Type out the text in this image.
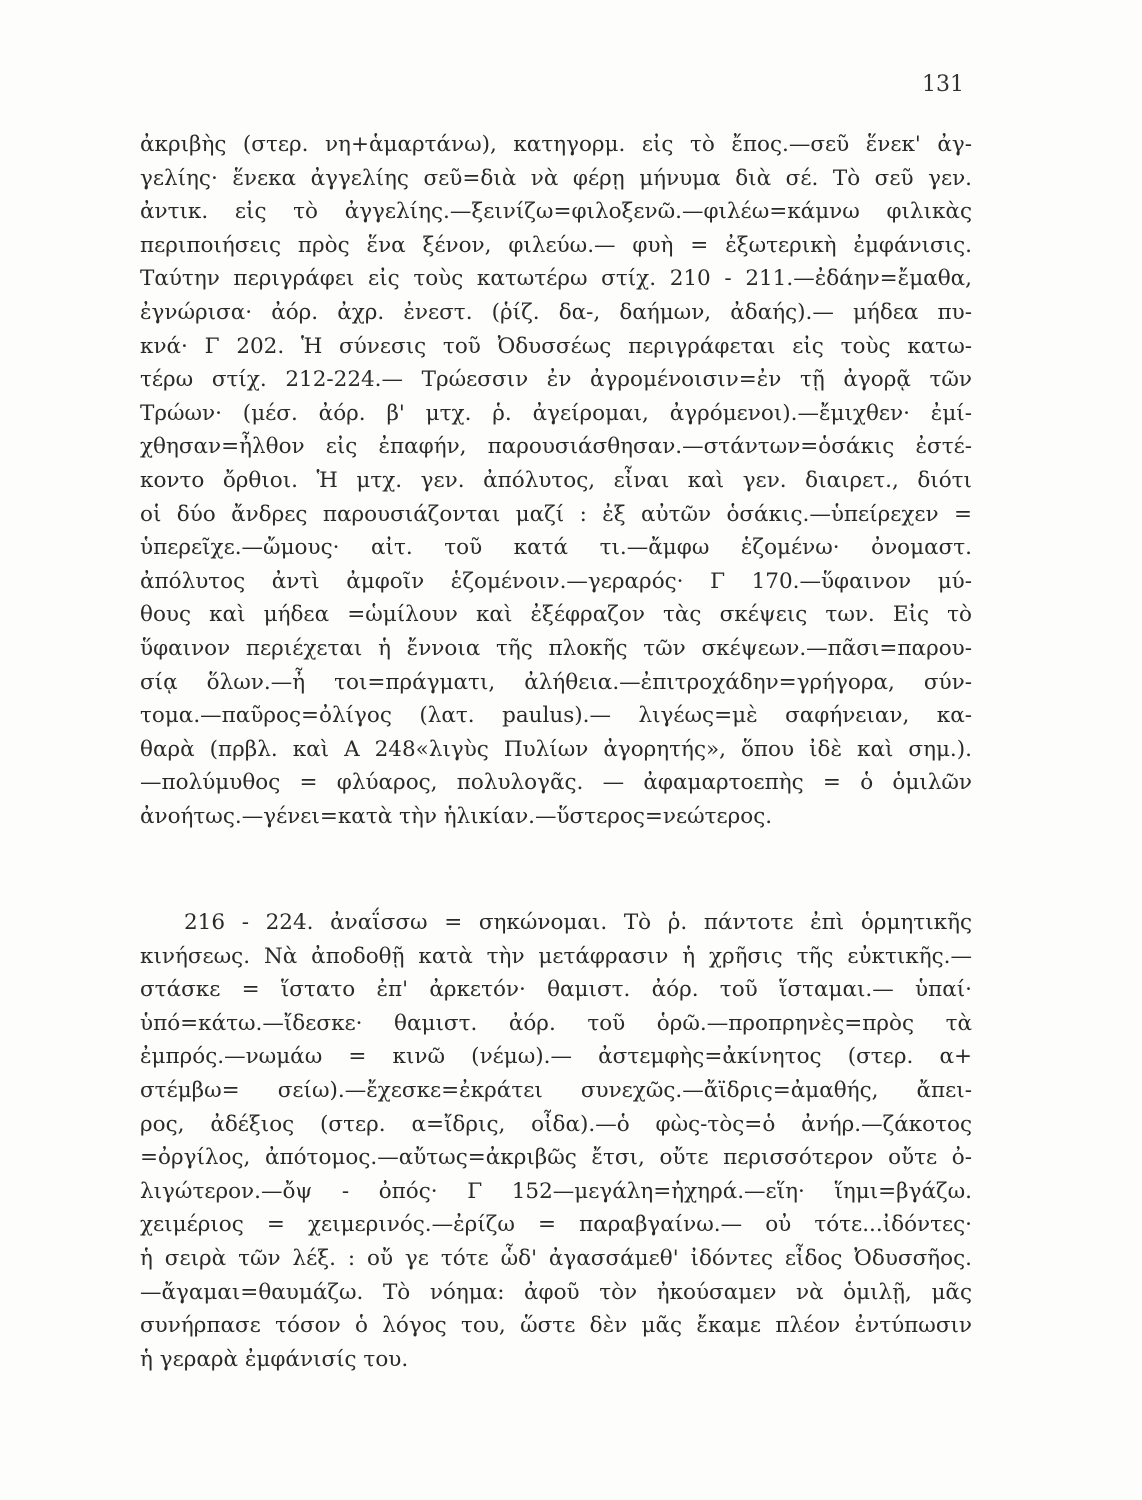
131
ἀκριβὴς (στερ. νη+ἁμαρτάνω), κατηγορμ. εἰς τὸ ἔπος.—σεῦ ἕνεκ' ἀγ-
γελίης· ἕνεκα ἀγγελίης σεῦ=διὰ νὰ φέρῃ μήνυμα διὰ σέ. Τὸ σεῦ γεν.
ἀντικ. εἰς τὸ ἀγγελίης.—ξεινίζω=φιλοξενῶ.—φιλέω=κάμνω φιλικὰς
περιποιήσεις πρὸς ἕνα ξένον, φιλεύω.— φυὴ = ἐξωτερικὴ ἐμφάνισις.
Ταύτην περιγράφει εἰς τοὺς κατωτέρω στίχ. 210 - 211.—ἐδάην=ἔμαθα,
ἐγνώρισα· ἀόρ. ἀχρ. ἐνεστ. (ῥίζ. δα-, δαήμων, ἀδαής).— μήδεα πυ-
κνά· Γ 202. Ἡ σύνεσις τοῦ Ὀδυσσέως περιγράφεται εἰς τοὺς κατω-
τέρω στίχ. 212-224.— Τρώεσσιν ἐν ἀγρομένοισιν=ἐν τῇ ἀγορᾷ τῶν
Τρώων· (μέσ. ἀόρ. β' μτχ. ῥ. ἀγείρομαι, ἀγρόμενοι).—ἔμιχθεν· ἐμί-
χθησαν=ἦλθον εἰς ἐπαφήν, παρουσιάσθησαν.—στάντων=ὁσάκις ἐστέ-
κοντο ὄρθιοι. Ἡ μτχ. γεν. ἀπόλυτος, εἶναι καὶ γεν. διαιρετ., διότι
οἱ δύο ἄνδρες παρουσιάζονται μαζί : ἐξ αὐτῶν ὁσάκις.—ὑπείρεχεν =
ὑπερεῖχε.—ὤμους· αἰτ. τοῦ κατά τι.—ἄμφω ἑζομένω· ὀνομαστ.
ἀπόλυτος ἀντὶ ἀμφοῖν ἑζομένοιν.—γεραρός· Γ 170.—ὕφαινον μύ-
θους καὶ μήδεα =ὡμίλουν καὶ ἐξέφραζον τὰς σκέψεις των. Εἰς τὸ
ὕφαινον περιέχεται ἡ ἔννοια τῆς πλοκῆς τῶν σκέψεων.—πᾶσι=παρου-
σίᾳ ὅλων.—ἦ τοι=πράγματι, ἀλήθεια.—ἐπιτροχάδην=γρήγορα, σύν-
τομα.—παῦρος=ὀλίγος (λατ. paulus).— λιγέως=μὲ σαφήνειαν, κα-
θαρὰ (πρβλ. καὶ Α 248«λιγὺς Πυλίων ἀγορητής», ὅπου ἰδὲ καὶ σημ.).
—πολύμυθος = φλύαρος, πολυλογᾶς. — ἀφαμαρτοεπὴς = ὁ ὁμιλῶν
ἀνοήτως.—γένει=κατὰ τὴν ἡλικίαν.—ὕστερος=νεώτερος.
216 - 224. ἀναΐσσω = σηκώνομαι. Τὸ ῥ. πάντοτε ἐπὶ ὁρμητικῆς
κινήσεως. Νὰ ἀποδοθῇ κατὰ τὴν μετάφρασιν ἡ χρῆσις τῆς εὐκτικῆς.—
στάσκε = ἵστατο ἐπ' ἀρκετόν· θαμιστ. ἀόρ. τοῦ ἵσταμαι.— ὑπαί·
ὑπό=κάτω.—ἴδεσκε· θαμιστ. ἀόρ. τοῦ ὁρῶ.—προπρηνὲς=πρὸς τὰ
ἐμπρός.—νωμάω = κινῶ (νέμω).— ἀστεμφὴς=ἀκίνητος (στερ. α+
στέμβω= σείω).—ἔχεσκε=ἐκράτει συνεχῶς.—ἄϊδρις=ἀμαθής, ἄπει-
ρος, ἀδέξιος (στερ. α=ἴδρις, οἶδα).—ὁ φὼς-τὸς=ὁ ἀνήρ.—ζάκοτος
=ὀργίλος, ἀπότομος.—αὔτως=ἀκριβῶς ἔτσι, οὔτε περισσότερον οὔτε ὀ-
λιγώτερον.—ὄψ - ὀπός· Γ 152—μεγάλη=ἠχηρά.—εἵη· ἵημι=βγάζω.
χειμέριος = χειμερινός.—ἐρίζω = παραβγαίνω.— οὐ τότε...ἰδόντες·
ἡ σειρὰ τῶν λέξ. : οὔ γε τότε ὧδ' ἀγασσάμεθ' ἰδόντες εἶδος Ὀδυσσῆος.
—ἄγαμαι=θαυμάζω. Τὸ νόημα: ἀφοῦ τὸν ἠκούσαμεν νὰ ὁμιλῇ, μᾶς
συνήρπασε τόσον ὁ λόγος του, ὥστε δὲν μᾶς ἔκαμε πλέον ἐντύπωσιν
ἡ γεραρὰ ἐμφάνισίς του.
